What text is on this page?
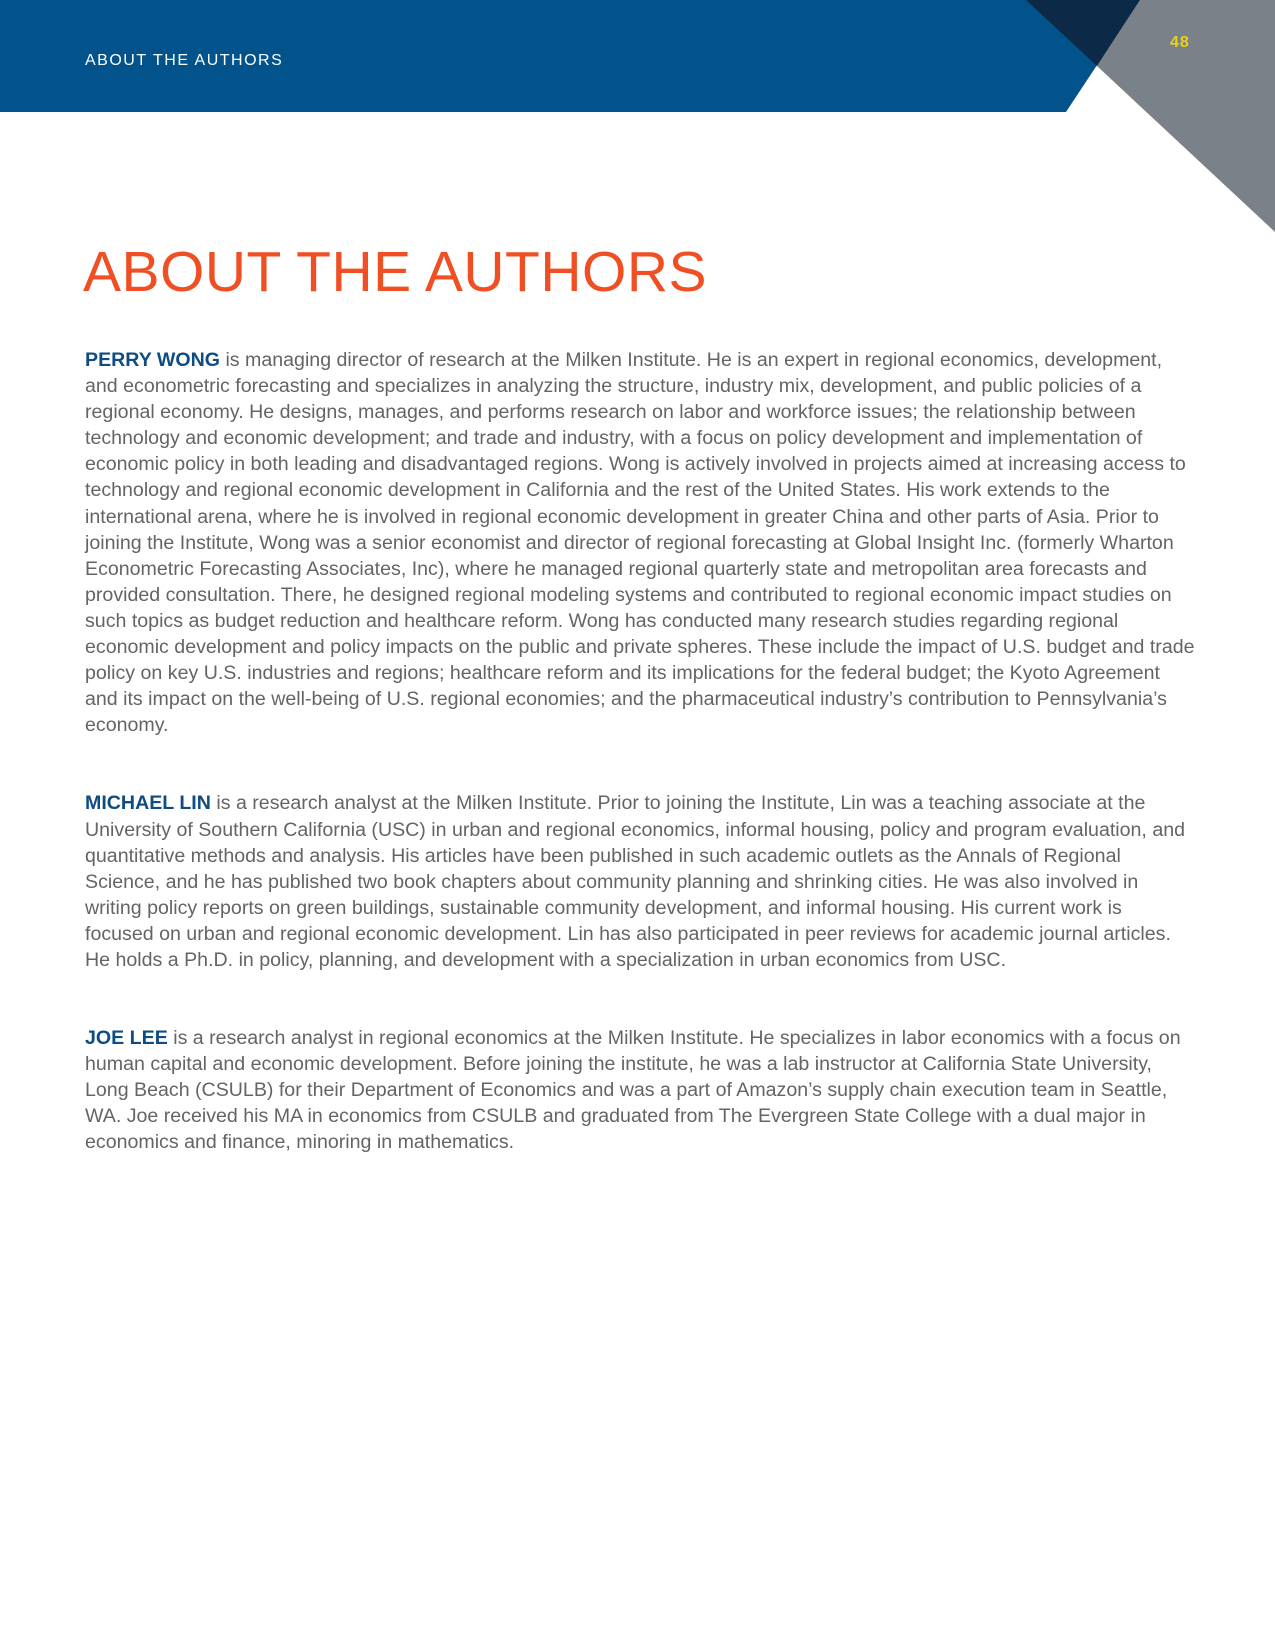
ABOUT THE AUTHORS
48
ABOUT THE AUTHORS

PERRY WONG is managing director of research at the Milken Institute. He is an expert in regional economics, development, and econometric forecasting and specializes in analyzing the structure, industry mix, development, and public policies of a regional economy. He designs, manages, and performs research on labor and workforce issues; the relationship between technology and economic development; and trade and industry, with a focus on policy development and implementation of economic policy in both leading and disadvantaged regions. Wong is actively involved in projects aimed at increasing access to technology and regional economic development in California and the rest of the United States. His work extends to the international arena, where he is involved in regional economic development in greater China and other parts of Asia. Prior to joining the Institute, Wong was a senior economist and director of regional forecasting at Global Insight Inc. (formerly Wharton Econometric Forecasting Associates, Inc), where he managed regional quarterly state and metropolitan area forecasts and provided consultation. There, he designed regional modeling systems and contributed to regional economic impact studies on such topics as budget reduction and healthcare reform. Wong has conducted many research studies regarding regional economic development and policy impacts on the public and private spheres. These include the impact of U.S. budget and trade policy on key U.S. industries and regions; healthcare reform and its implications for the federal budget; the Kyoto Agreement and its impact on the well-being of U.S. regional economies; and the pharmaceutical industry’s contribution to Pennsylvania’s economy.

MICHAEL LIN is a research analyst at the Milken Institute. Prior to joining the Institute, Lin was a teaching associate at the University of Southern California (USC) in urban and regional economics, informal housing, policy and program evaluation, and quantitative methods and analysis. His articles have been published in such academic outlets as the Annals of Regional Science, and he has published two book chapters about community planning and shrinking cities. He was also involved in writing policy reports on green buildings, sustainable community development, and informal housing. His current work is focused on urban and regional economic development. Lin has also participated in peer reviews for academic journal articles. He holds a Ph.D. in policy, planning, and development with a specialization in urban economics from USC.

JOE LEE is a research analyst in regional economics at the Milken Institute. He specializes in labor economics with a focus on human capital and economic development. Before joining the institute, he was a lab instructor at California State University, Long Beach (CSULB) for their Department of Economics and was a part of Amazon’s supply chain execution team in Seattle, WA. Joe received his MA in economics from CSULB and graduated from The Evergreen State College with a dual major in economics and finance, minoring in mathematics.
